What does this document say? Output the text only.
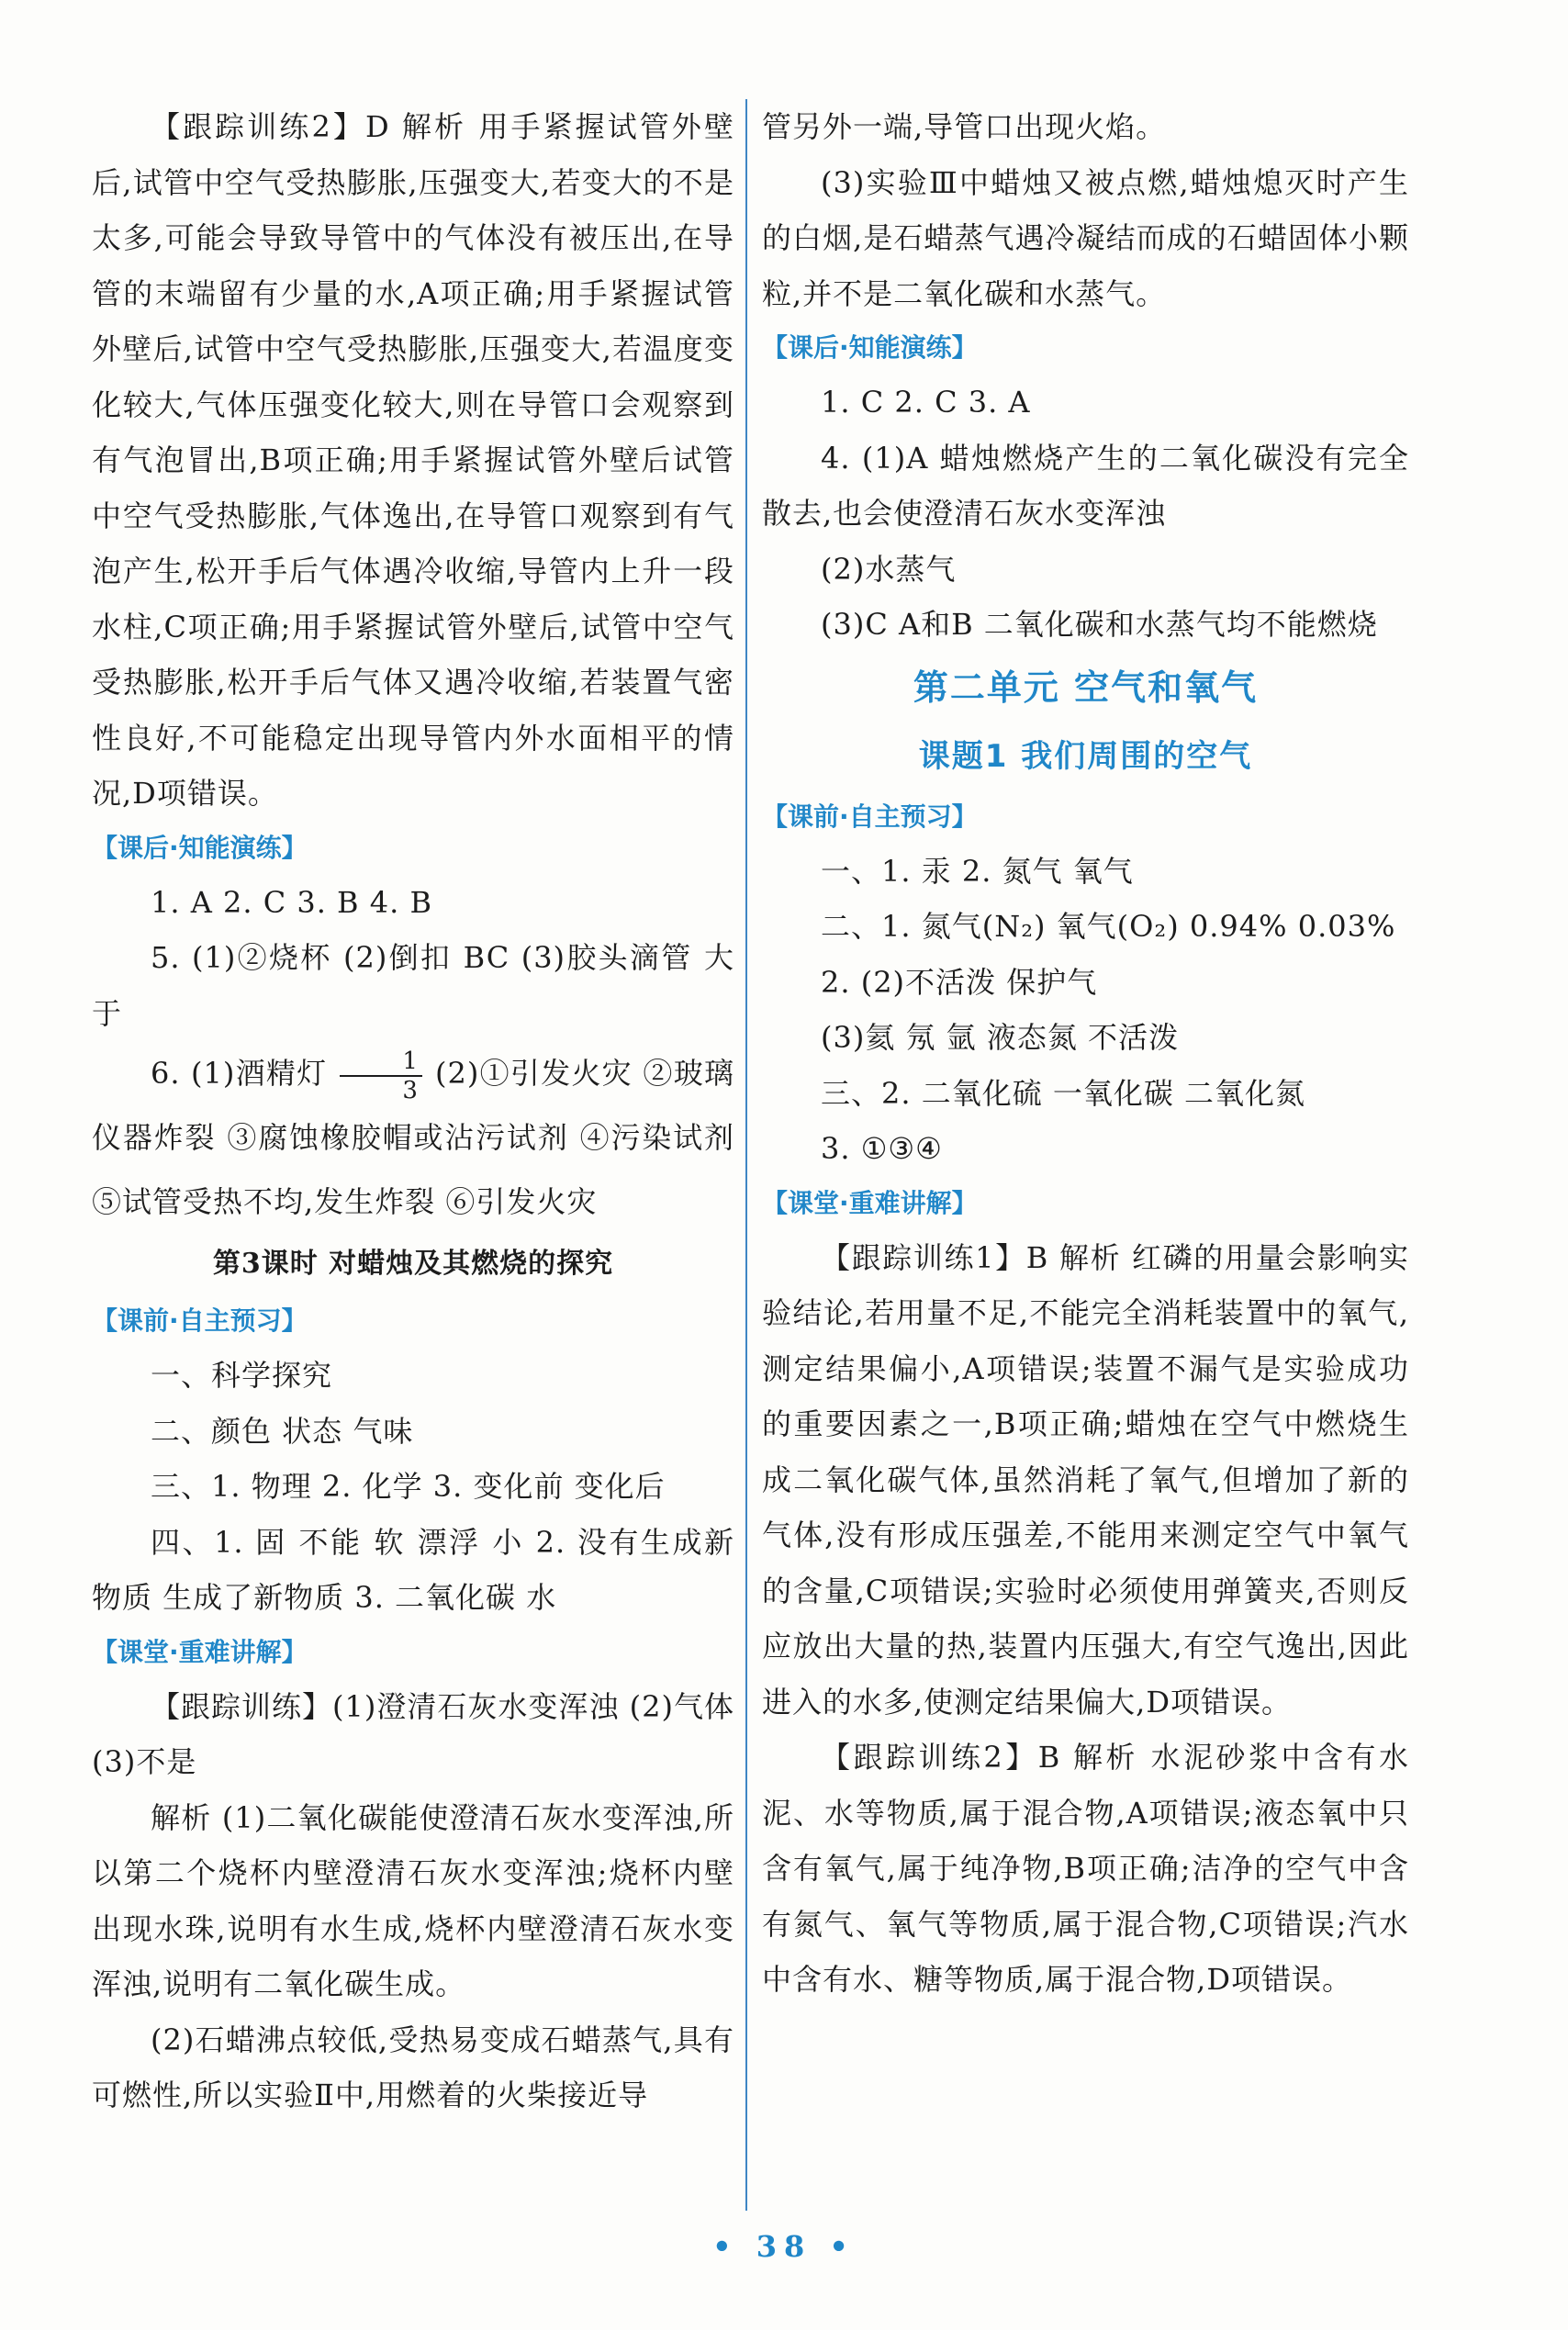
【跟踪训练2】D 解析 用手紧握试管外壁后,试管中空气受热膨胀,压强变大,若变大的不是太多,可能会导致导管中的气体没有被压出,在导管的末端留有少量的水,A项正确;用手紧握试管外壁后,试管中空气受热膨胀,压强变大,若温度变化较大,气体压强变化较大,则在导管口会观察到有气泡冒出,B项正确;用手紧握试管外壁后试管中空气受热膨胀,气体逸出,在导管口观察到有气泡产生,松开手后气体遇冷收缩,导管内上升一段水柱,C项正确;用手紧握试管外壁后,试管中空气受热膨胀,松开手后气体又遇冷收缩,若装置气密性良好,不可能稳定出现导管内外水面相平的情况,D项错误。

【课后·知能演练】

1. A 2. C 3. B 4. B

5. (1)②烧杯 (2)倒扣 BC (3)胶头滴管 大于

6. (1)酒精灯 $\frac{1}{3}$ (2)①引发火灾 ②玻璃仪器炸裂 ③腐蚀橡胶帽或沾污试剂 ④污染试剂 ⑤试管受热不均,发生炸裂 ⑥引发火灾

第3课时 对蜡烛及其燃烧的探究

【课前·自主预习】

一、科学探究

二、颜色 状态 气味

三、1. 物理 2. 化学 3. 变化前 变化后

四、1. 固 不能 软 漂浮 小 2. 没有生成新物质 生成了新物质 3. 二氧化碳 水

【课堂·重难讲解】

【跟踪训练】(1)澄清石灰水变浑浊 (2)气体 (3)不是

解析 (1)二氧化碳能使澄清石灰水变浑浊,所以第二个烧杯内壁澄清石灰水变浑浊;烧杯内壁出现水珠,说明有水生成,烧杯内壁澄清石灰水变浑浊,说明有二氧化碳生成。

(2)石蜡沸点较低,受热易变成石蜡蒸气,具有可燃性,所以实验Ⅱ中,用燃着的火柴接近导

管另外一端,导管口出现火焰。

(3)实验Ⅲ中蜡烛又被点燃,蜡烛熄灭时产生的白烟,是石蜡蒸气遇冷凝结而成的石蜡固体小颗粒,并不是二氧化碳和水蒸气。

【课后·知能演练】

1. C 2. C 3. A

4. (1)A 蜡烛燃烧产生的二氧化碳没有完全散去,也会使澄清石灰水变浑浊

(2)水蒸气

(3)C A和B 二氧化碳和水蒸气均不能燃烧

第二单元 空气和氧气

课题1 我们周围的空气

【课前·自主预习】

一、1. 汞 2. 氮气 氧气

二、1. 氮气(N₂) 氧气(O₂) 0.94% 0.03%

2. (2)不活泼 保护气

(3)氦 氖 氩 液态氮 不活泼

三、2. 二氧化硫 一氧化碳 二氧化氮

3. ①③④

【课堂·重难讲解】

【跟踪训练1】B 解析 红磷的用量会影响实验结论,若用量不足,不能完全消耗装置中的氧气,测定结果偏小,A项错误;装置不漏气是实验成功的重要因素之一,B项正确;蜡烛在空气中燃烧生成二氧化碳气体,虽然消耗了氧气,但增加了新的气体,没有形成压强差,不能用来测定空气中氧气的含量,C项错误;实验时必须使用弹簧夹,否则反应放出大量的热,装置内压强大,有空气逸出,因此进入的水多,使测定结果偏大,D项错误。

【跟踪训练2】B 解析 水泥砂浆中含有水泥、水等物质,属于混合物,A项错误;液态氧中只含有氧气,属于纯净物,B项正确;洁净的空气中含有氮气、氧气等物质,属于混合物,C项错误;汽水中含有水、糖等物质,属于混合物,D项错误。

• 38 •
